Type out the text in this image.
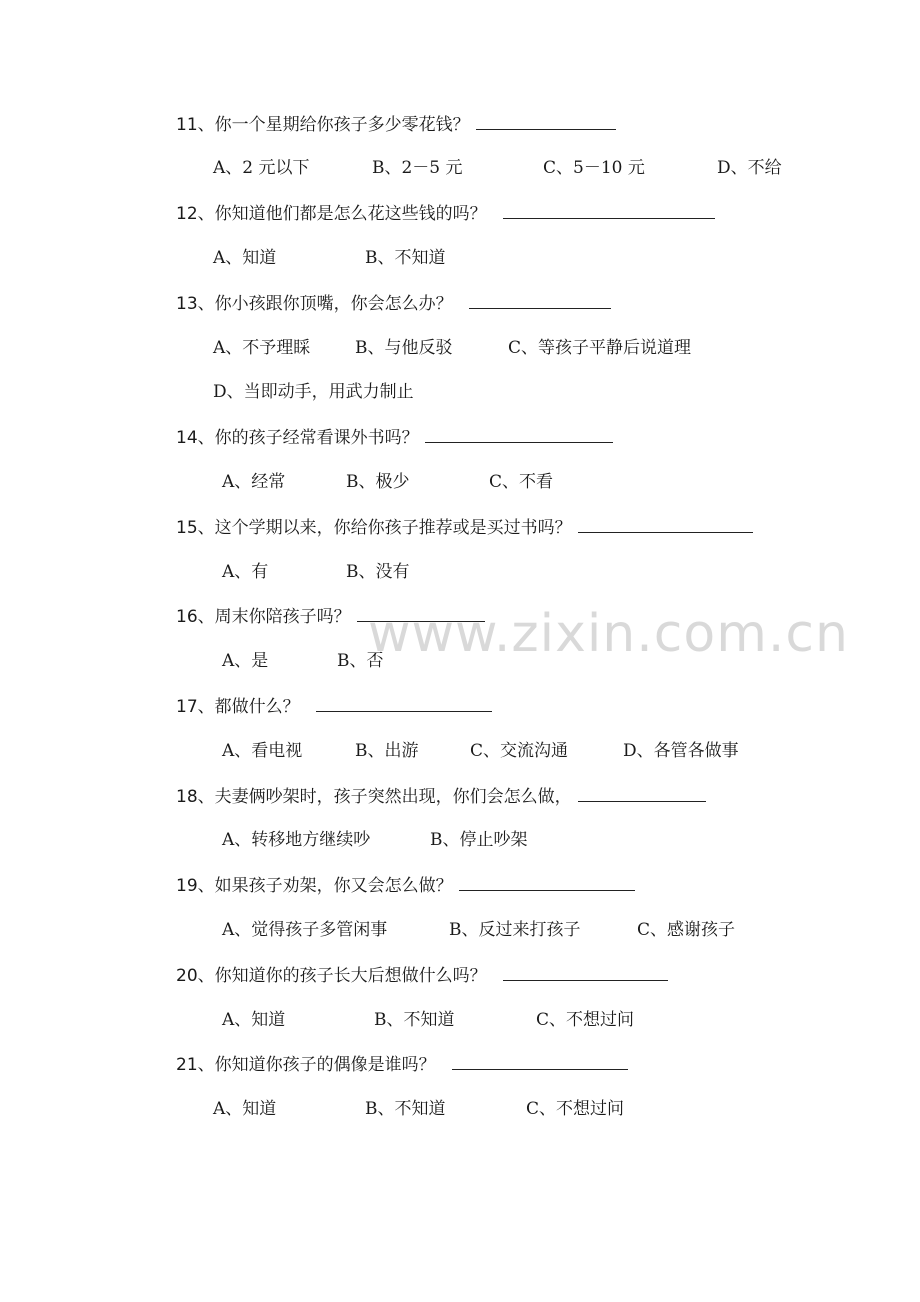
www.zixin.com.cn
11、你一个星期给你孩子多少零花钱？
A、2 元以下	B、2－5 元	C、5－10 元	D、不给
12、你知道他们都是怎么花这些钱的吗？
A、知道	B、不知道
13、你小孩跟你顶嘴，你会怎么办？
A、不予理睬	B、与他反驳	C、等孩子平静后说道理
D、当即动手，用武力制止
14、你的孩子经常看课外书吗？
A、经常	B、极少	C、不看
15、这个学期以来，你给你孩子推荐或是买过书吗？
A、有	B、没有
16、周末你陪孩子吗？
A、是	B、否
17、都做什么？
A、看电视	B、出游	C、交流沟通	D、各管各做事
18、夫妻俩吵架时，孩子突然出现，你们会怎么做，
A、转移地方继续吵	B、停止吵架
19、如果孩子劝架，你又会怎么做？
A、觉得孩子多管闲事	B、反过来打孩子	C、感谢孩子
20、你知道你的孩子长大后想做什么吗？
A、知道	B、不知道	C、不想过问
21、你知道你孩子的偶像是谁吗？
A、知道	B、不知道	C、不想过问
